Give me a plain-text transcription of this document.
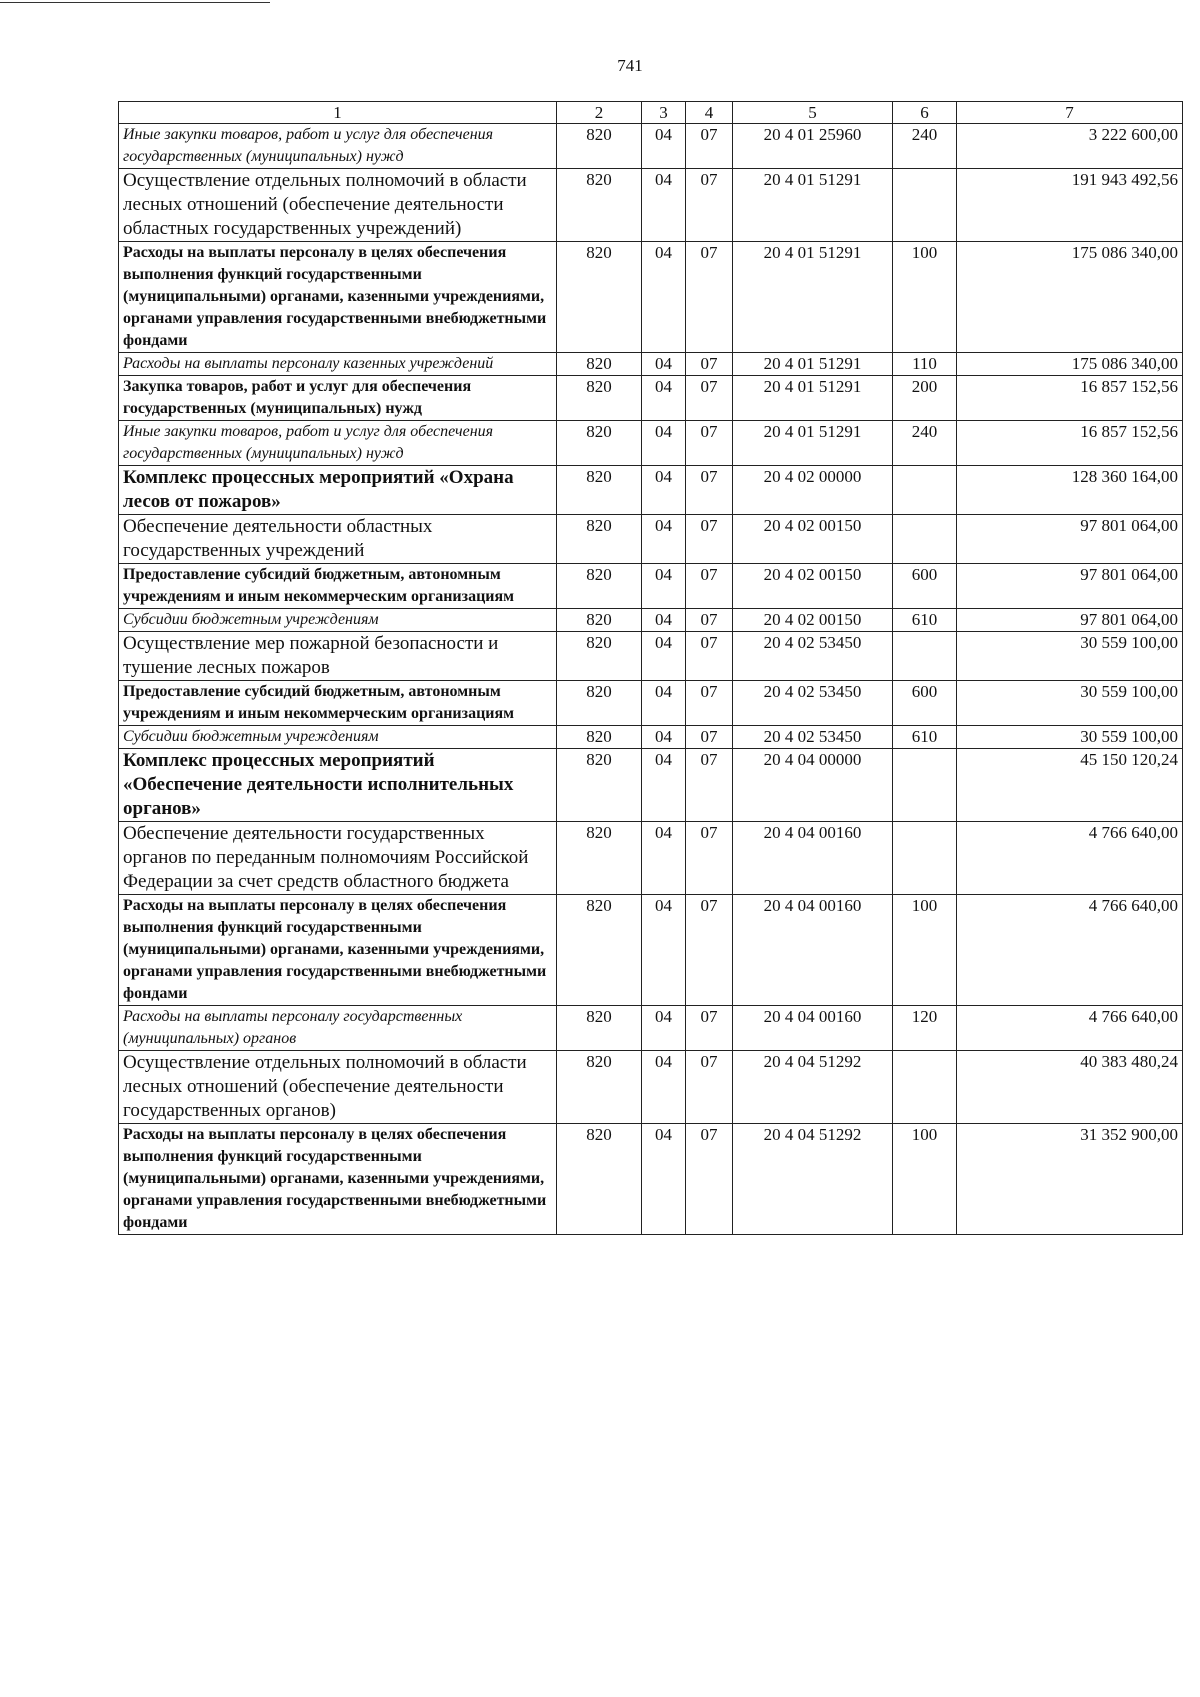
741
1	2	3	4	5	6	7
Иные закупки товаров, работ и услуг для обеспечения государственных (муниципальных) нужд	820	04	07	20 4 01 25960	240	3 222 600,00
Осуществление отдельных полномочий в области лесных отношений (обеспечение деятельности областных государственных учреждений)	820	04	07	20 4 01 51291		191 943 492,56
Расходы на выплаты персоналу в целях обеспечения выполнения функций государственными (муниципальными) органами, казенными учреждениями, органами управления государственными внебюджетными фондами	820	04	07	20 4 01 51291	100	175 086 340,00
Расходы на выплаты персоналу казенных учреждений	820	04	07	20 4 01 51291	110	175 086 340,00
Закупка товаров, работ и услуг для обеспечения государственных (муниципальных) нужд	820	04	07	20 4 01 51291	200	16 857 152,56
Иные закупки товаров, работ и услуг для обеспечения государственных (муниципальных) нужд	820	04	07	20 4 01 51291	240	16 857 152,56
Комплекс процессных мероприятий «Охрана лесов от пожаров»	820	04	07	20 4 02 00000		128 360 164,00
Обеспечение деятельности областных государственных учреждений	820	04	07	20 4 02 00150		97 801 064,00
Предоставление субсидий бюджетным, автономным учреждениям и иным некоммерческим организациям	820	04	07	20 4 02 00150	600	97 801 064,00
Субсидии бюджетным учреждениям	820	04	07	20 4 02 00150	610	97 801 064,00
Осуществление мер пожарной безопасности и тушение лесных пожаров	820	04	07	20 4 02 53450		30 559 100,00
Предоставление субсидий бюджетным, автономным учреждениям и иным некоммерческим организациям	820	04	07	20 4 02 53450	600	30 559 100,00
Субсидии бюджетным учреждениям	820	04	07	20 4 02 53450	610	30 559 100,00
Комплекс процессных мероприятий «Обеспечение деятельности исполнительных органов»	820	04	07	20 4 04 00000		45 150 120,24
Обеспечение деятельности государственных органов по переданным полномочиям Российской Федерации за счет средств областного бюджета	820	04	07	20 4 04 00160		4 766 640,00
Расходы на выплаты персоналу в целях обеспечения выполнения функций государственными (муниципальными) органами, казенными учреждениями, органами управления государственными внебюджетными фондами	820	04	07	20 4 04 00160	100	4 766 640,00
Расходы на выплаты персоналу государственных (муниципальных) органов	820	04	07	20 4 04 00160	120	4 766 640,00
Осуществление отдельных полномочий в области лесных отношений (обеспечение деятельности государственных органов)	820	04	07	20 4 04 51292		40 383 480,24
Расходы на выплаты персоналу в целях обеспечения выполнения функций государственными (муниципальными) органами, казенными учреждениями, органами управления государственными внебюджетными фондами	820	04	07	20 4 04 51292	100	31 352 900,00
